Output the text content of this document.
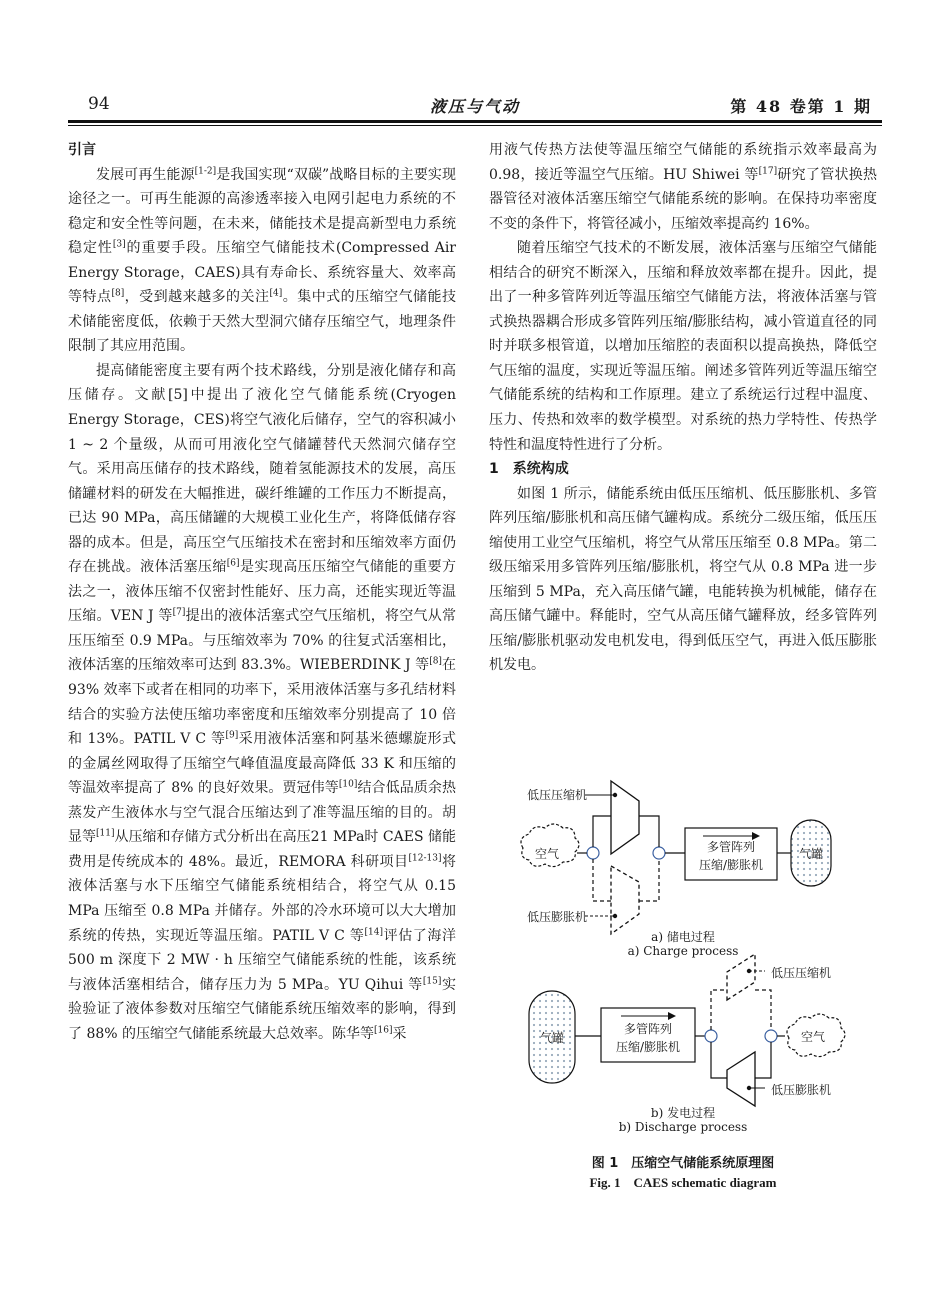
94	液压与气动	第 48 卷第 1 期

引言

发展可再生能源[1-2]是我国实现“双碳”战略目标的主要实现途径之一。可再生能源的高渗透率接入电网引起电力系统的不稳定和安全性等问题，在未来，储能技术是提高新型电力系统稳定性[3]的重要手段。压缩空气储能技术(Compressed Air Energy Storage，CAES)具有寿命长、系统容量大、效率高等特点[8]，受到越来越多的关注[4]。集中式的压缩空气储能技术储能密度低，依赖于天然大型洞穴储存压缩空气，地理条件限制了其应用范围。

提高储能密度主要有两个技术路线，分别是液化储存和高压储存。文献[5]中提出了液化空气储能系统(Cryogen Energy Storage，CES)将空气液化后储存，空气的容积减小 1 ~ 2 个量级，从而可用液化空气储罐替代天然洞穴储存空气。采用高压储存的技术路线，随着氢能源技术的发展，高压储罐材料的研发在大幅推进，碳纤维罐的工作压力不断提高，已达 90 MPa，高压储罐的大规模工业化生产，将降低储存容器的成本。但是，高压空气压缩技术在密封和压缩效率方面仍存在挑战。液体活塞压缩[6]是实现高压压缩空气储能的重要方法之一，液体压缩不仅密封性能好、压力高，还能实现近等温压缩。VEN J 等[7]提出的液体活塞式空气压缩机，将空气从常压压缩至 0.9 MPa。与压缩效率为 70% 的往复式活塞相比，液体活塞的压缩效率可达到 83.3%。WIEBERDINK J 等[8]在 93% 效率下或者在相同的功率下，采用液体活塞与多孔结材料结合的实验方法使压缩功率密度和压缩效率分别提高了 10 倍和 13%。PATIL V C 等[9]采用液体活塞和阿基米德螺旋形式的金属丝网取得了压缩空气峰值温度最高降低 33 K 和压缩的等温效率提高了 8% 的良好效果。贾冠伟等[10]结合低品质余热蒸发产生液体水与空气混合压缩达到了准等温压缩的目的。胡显等[11]从压缩和存储方式分析出在高压21 MPa时 CAES 储能费用是传统成本的 48%。最近，REMORA 科研项目[12-13]将液体活塞与水下压缩空气储能系统相结合，将空气从 0.15 MPa 压缩至 0.8 MPa 并储存。外部的冷水环境可以大大增加系统的传热，实现近等温压缩。PATIL V C 等[14]评估了海洋 500 m 深度下 2 MW · h 压缩空气储能系统的性能，该系统与液体活塞相结合，储存压力为 5 MPa。YU Qihui 等[15]实验验证了液体参数对压缩空气储能系统压缩效率的影响，得到了 88% 的压缩空气储能系统最大总效率。陈华等[16]采

用液气传热方法使等温压缩空气储能的系统指示效率最高为 0.98，接近等温空气压缩。HU Shiwei 等[17]研究了管状换热器管径对液体活塞压缩空气储能系统的影响。在保持功率密度不变的条件下，将管径减小，压缩效率提高约 16%。

随着压缩空气技术的不断发展，液体活塞与压缩空气储能相结合的研究不断深入，压缩和释放效率都在提升。因此，提出了一种多管阵列近等温压缩空气储能方法，将液体活塞与管式换热器耦合形成多管阵列压缩/膨胀结构，减小管道直径的同时并联多根管道，以增加压缩腔的表面积以提高换热，降低空气压缩的温度，实现近等温压缩。阐述多管阵列近等温压缩空气储能系统的结构和工作原理。建立了系统运行过程中温度、压力、传热和效率的数学模型。对系统的热力学特性、传热学特性和温度特性进行了分析。

1　系统构成

如图 1 所示，储能系统由低压压缩机、低压膨胀机、多管阵列压缩/膨胀机和高压储气罐构成。系统分二级压缩，低压压缩使用工业空气压缩机，将空气从常压压缩至 0.8 MPa。第二级压缩采用多管阵列压缩/膨胀机，将空气从 0.8 MPa 进一步压缩到 5 MPa，充入高压储气罐，电能转换为机械能，储存在高压储气罐中。释能时，空气从高压储气罐释放，经多管阵列压缩/膨胀机驱动发电机发电，得到低压空气，再进入低压膨胀机发电。

低压压缩机
低压膨胀机
空气	多管阵列
压缩/膨胀机
气罐
a) 储电过程
a) Charge process
低压压缩机
低压膨胀机
空气
多管阵列
压缩/膨胀机
气罐
b) 发电过程
b) Discharge process
图 1　压缩空气储能系统原理图
Fig. 1　CAES schematic diagram
